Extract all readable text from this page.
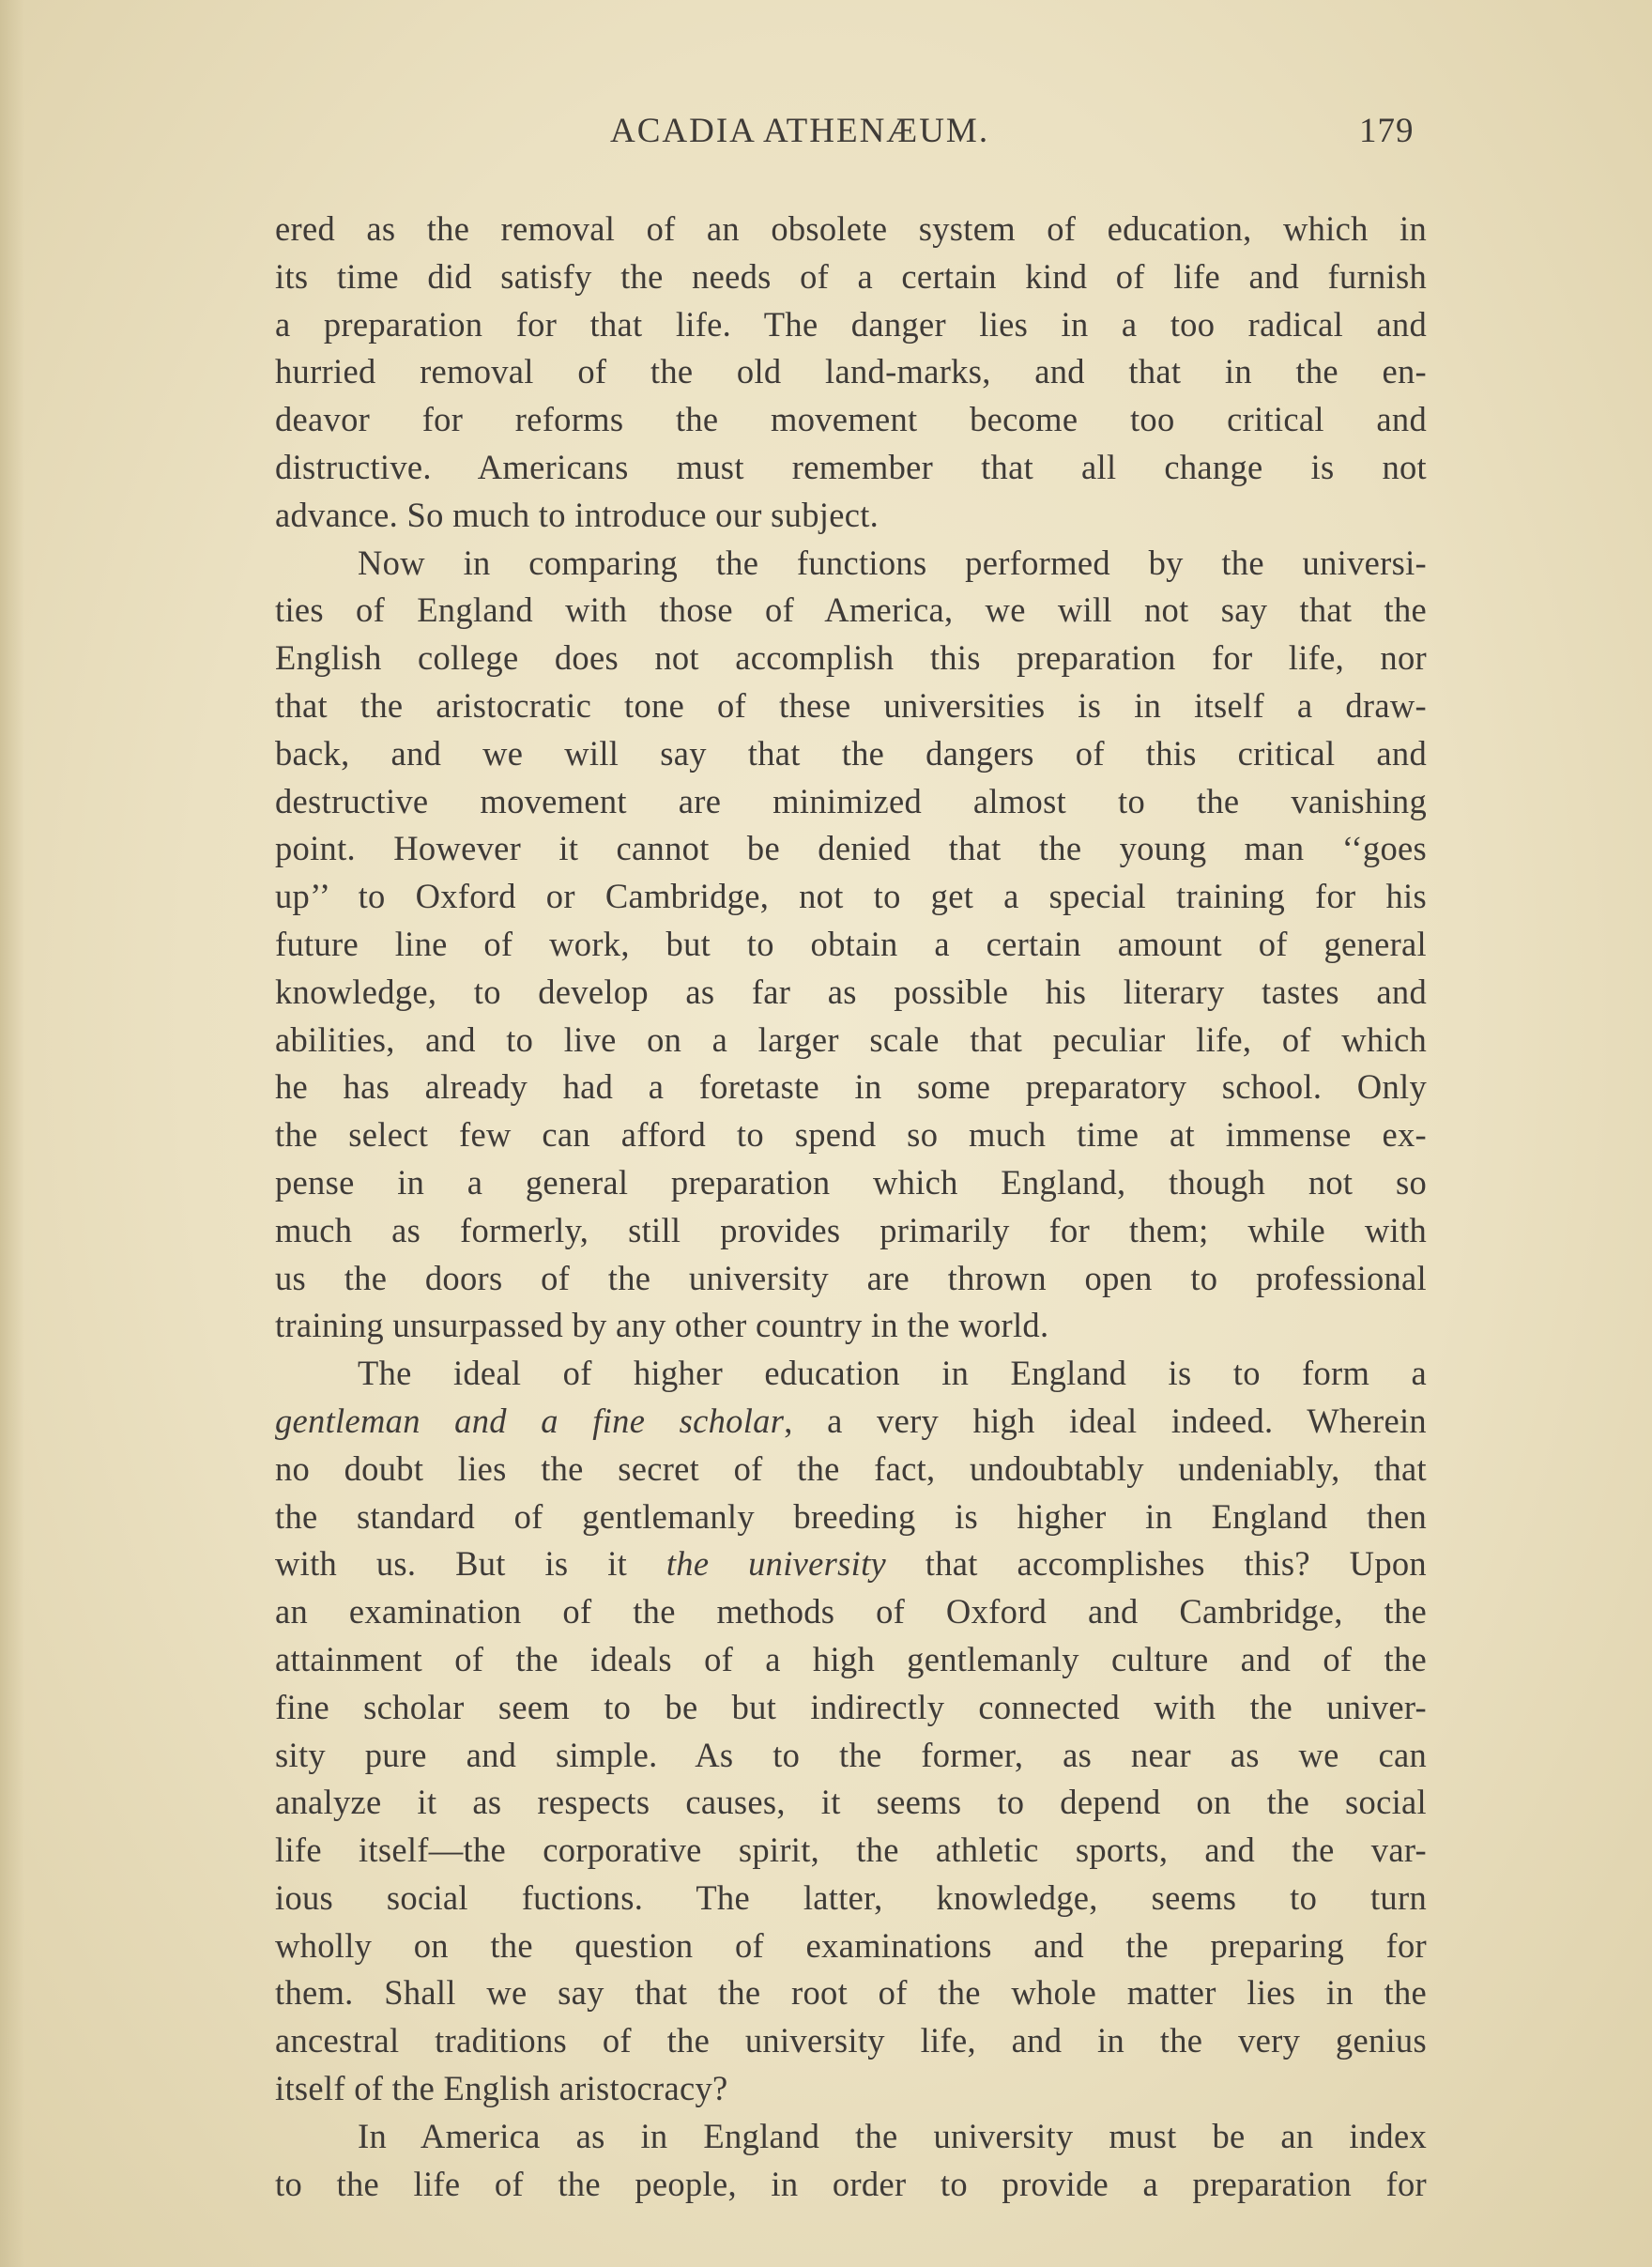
ACADIA ATHENÆUM.	179
ered as the removal of an obsolete system of education, which in
its time did satisfy the needs of a certain kind of life and furnish
a preparation for that life. The danger lies in a too radical and
hurried removal of the old land-marks, and that in the en-
deavor for reforms the movement become too critical and
distructive. Americans must remember that all change is not
advance. So much to introduce our subject.
Now in comparing the functions performed by the universi-
ties of England with those of America, we will not say that the
English college does not accomplish this preparation for life, nor
that the aristocratic tone of these universities is in itself a draw-
back, and we will say that the dangers of this critical and
destructive movement are minimized almost to the vanishing
point. However it cannot be denied that the young man ‘‘goes
up’’ to Oxford or Cambridge, not to get a special training for his
future line of work, but to obtain a certain amount of general
knowledge, to develop as far as possible his literary tastes and
abilities, and to live on a larger scale that peculiar life, of which
he has already had a foretaste in some preparatory school. Only
the select few can afford to spend so much time at immense ex-
pense in a general preparation which England, though not so
much as formerly, still provides primarily for them; while with
us the doors of the university are thrown open to professional
training unsurpassed by any other country in the world.
The ideal of higher education in England is to form a
gentleman and a fine scholar, a very high ideal indeed. Wherein
no doubt lies the secret of the fact, undoubtably undeniably, that
the standard of gentlemanly breeding is higher in England then
with us. But is it the university that accomplishes this? Upon
an examination of the methods of Oxford and Cambridge, the
attainment of the ideals of a high gentlemanly culture and of the
fine scholar seem to be but indirectly connected with the univer-
sity pure and simple. As to the former, as near as we can
analyze it as respects causes, it seems to depend on the social
life itself—the corporative spirit, the athletic sports, and the var-
ious social fuctions. The latter, knowledge, seems to turn
wholly on the question of examinations and the preparing for
them. Shall we say that the root of the whole matter lies in the
ancestral traditions of the university life, and in the very genius
itself of the English aristocracy?
In America as in England the university must be an index
to the life of the people, in order to provide a preparation for
